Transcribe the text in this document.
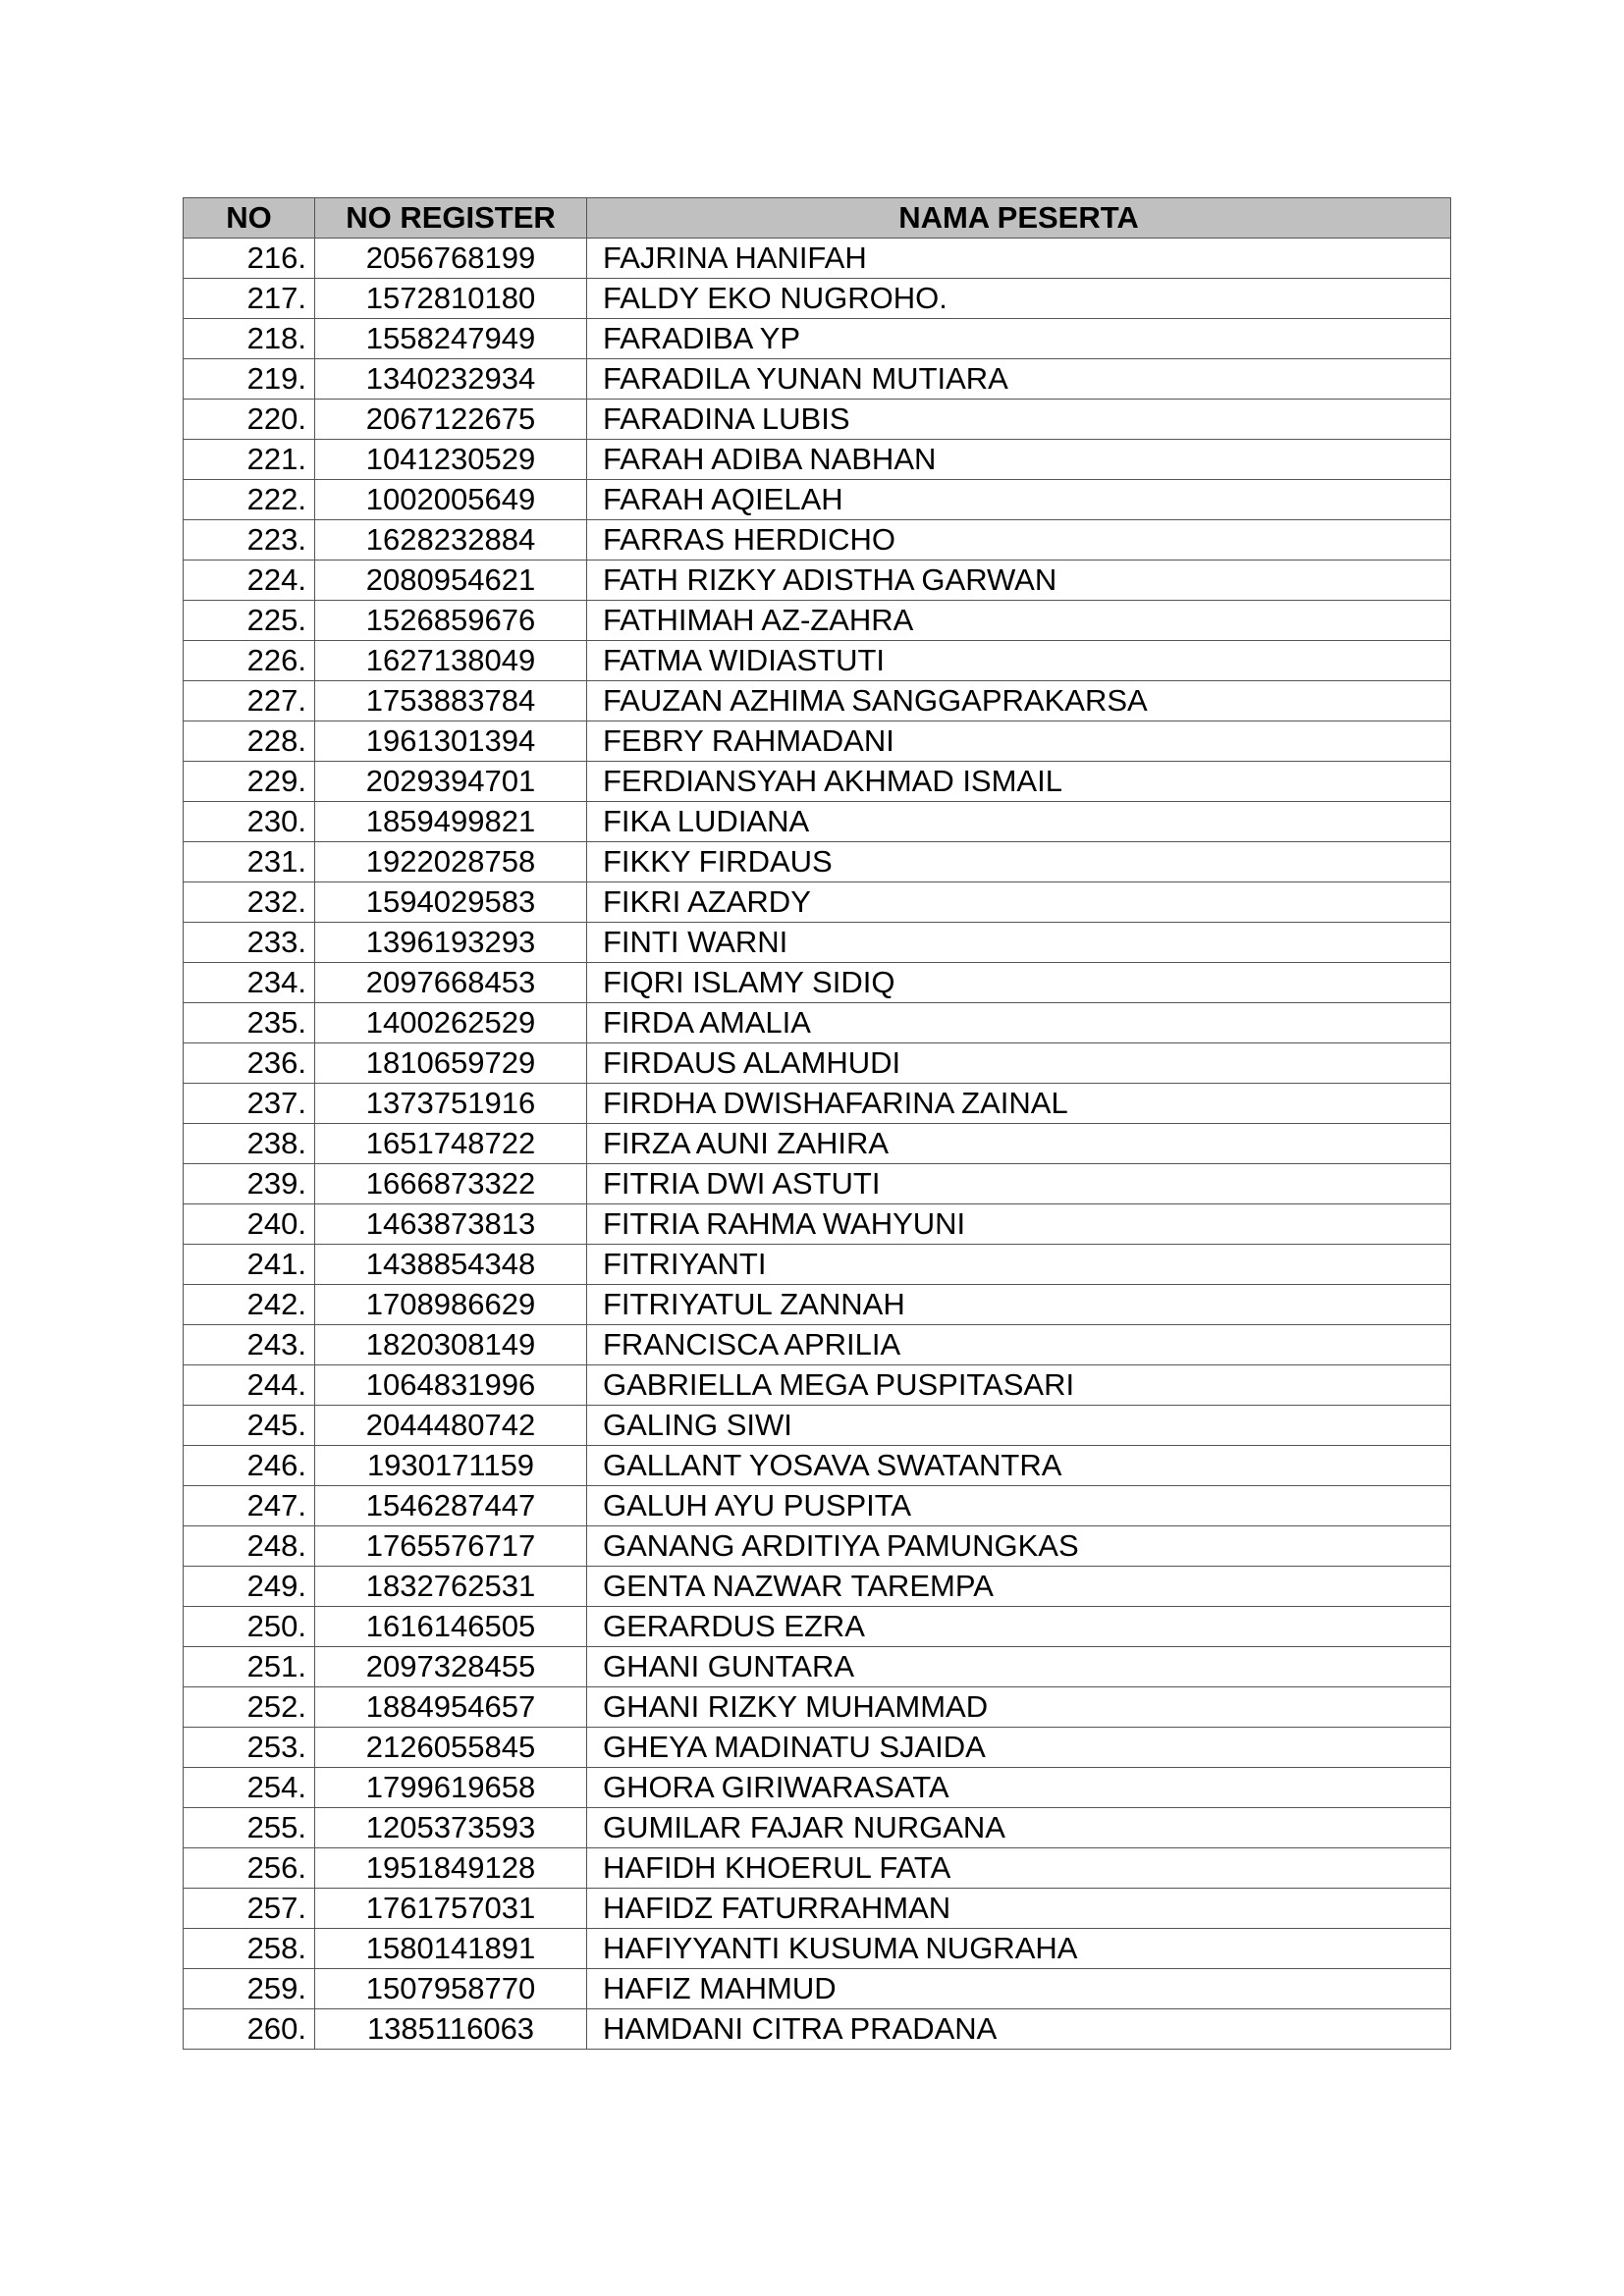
NO	NO REGISTER	NAMA PESERTA
216.	2056768199	FAJRINA HANIFAH
217.	1572810180	FALDY EKO NUGROHO.
218.	1558247949	FARADIBA YP
219.	1340232934	FARADILA YUNAN MUTIARA
220.	2067122675	FARADINA LUBIS
221.	1041230529	FARAH ADIBA NABHAN
222.	1002005649	FARAH AQIELAH
223.	1628232884	FARRAS HERDICHO
224.	2080954621	FATH RIZKY ADISTHA GARWAN
225.	1526859676	FATHIMAH AZ-ZAHRA
226.	1627138049	FATMA WIDIASTUTI
227.	1753883784	FAUZAN AZHIMA SANGGAPRAKARSA
228.	1961301394	FEBRY RAHMADANI
229.	2029394701	FERDIANSYAH AKHMAD ISMAIL
230.	1859499821	FIKA LUDIANA
231.	1922028758	FIKKY FIRDAUS
232.	1594029583	FIKRI AZARDY
233.	1396193293	FINTI WARNI
234.	2097668453	FIQRI ISLAMY SIDIQ
235.	1400262529	FIRDA AMALIA
236.	1810659729	FIRDAUS ALAMHUDI
237.	1373751916	FIRDHA DWISHAFARINA ZAINAL
238.	1651748722	FIRZA AUNI ZAHIRA
239.	1666873322	FITRIA DWI ASTUTI
240.	1463873813	FITRIA RAHMA WAHYUNI
241.	1438854348	FITRIYANTI
242.	1708986629	FITRIYATUL ZANNAH
243.	1820308149	FRANCISCA APRILIA
244.	1064831996	GABRIELLA MEGA PUSPITASARI
245.	2044480742	GALING SIWI
246.	1930171159	GALLANT YOSAVA SWATANTRA
247.	1546287447	GALUH AYU PUSPITA
248.	1765576717	GANANG ARDITIYA PAMUNGKAS
249.	1832762531	GENTA NAZWAR TAREMPA
250.	1616146505	GERARDUS EZRA
251.	2097328455	GHANI GUNTARA
252.	1884954657	GHANI RIZKY MUHAMMAD
253.	2126055845	GHEYA MADINATU SJAIDA
254.	1799619658	GHORA GIRIWARASATA
255.	1205373593	GUMILAR FAJAR NURGANA
256.	1951849128	HAFIDH KHOERUL FATA
257.	1761757031	HAFIDZ FATURRAHMAN
258.	1580141891	HAFIYYANTI KUSUMA NUGRAHA
259.	1507958770	HAFIZ MAHMUD
260.	1385116063	HAMDANI CITRA PRADANA
